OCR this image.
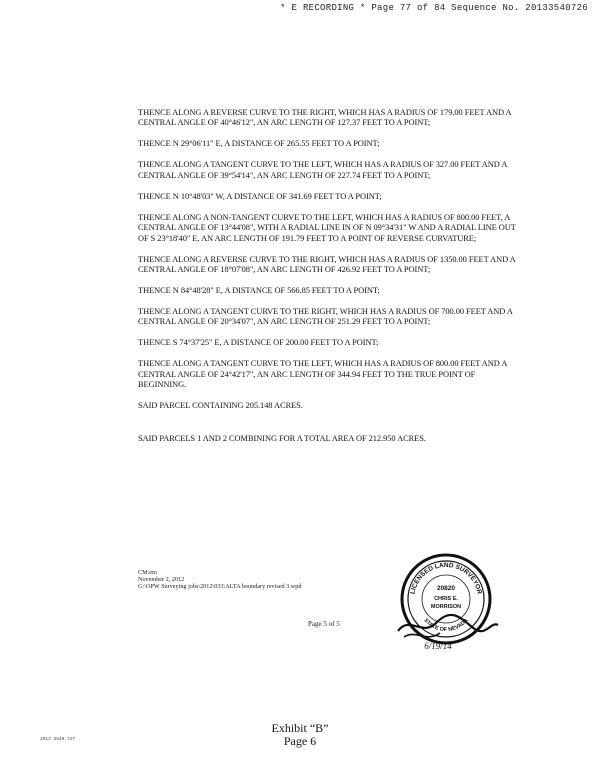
* E RECORDING * Page 77 of 84 Sequence No. 20133540726

THENCE ALONG A REVERSE CURVE TO THE RIGHT, WHICH HAS A RADIUS OF 179.00 FEET AND A CENTRAL ANGLE OF 40°46'12", AN ARC LENGTH OF 127.37 FEET TO A POINT;

THENCE N 29°06'11" E, A DISTANCE OF 265.55 FEET TO A POINT;

THENCE ALONG A TANGENT CURVE TO THE LEFT, WHICH HAS A RADIUS OF 327.00 FEET AND A CENTRAL ANGLE OF 39°54'14", AN ARC LENGTH OF 227.74 FEET TO A POINT;

THENCE N 10°48'03" W, A DISTANCE OF 341.69 FEET TO A POINT;

THENCE ALONG A NON-TANGENT CURVE TO THE LEFT, WHICH HAS A RADIUS OF 800.00 FEET, A CENTRAL ANGLE OF 13°44'08", WITH A RADIAL LINE IN OF N 09°34'31" W AND A RADIAL LINE OUT OF S 23°18'40" E, AN ARC LENGTH OF 191.79 FEET TO A POINT OF REVERSE CURVATURE;

THENCE ALONG A REVERSE CURVE TO THE RIGHT, WHICH HAS A RADIUS OF 1350.00 FEET AND A CENTRAL ANGLE OF 18°07'08", AN ARC LENGTH OF 426.92 FEET TO A POINT;

THENCE N 84°48'28" E, A DISTANCE OF 566.85 FEET TO A POINT;

THENCE ALONG A TANGENT CURVE TO THE RIGHT, WHICH HAS A RADIUS OF 700.00 FEET AND A CENTRAL ANGLE OF 20°34'07", AN ARC LENGTH OF 251.29 FEET TO A POINT;

THENCE S 74°37'25" E, A DISTANCE OF 200.00 FEET TO A POINT;

THENCE ALONG A TANGENT CURVE TO THE LEFT, WHICH HAS A RADIUS OF 800.00 FEET AND A CENTRAL ANGLE OF 24°42'17", AN ARC LENGTH OF 344.94 FEET TO THE TRUE POINT OF BEGINNING.

SAID PARCEL CONTAINING 205.148 ACRES.

SAID PARCELS 1 AND 2 COMBINING FOR A TOTAL AREA OF 212.950 ACRES.

CM:em
November 2, 2012
G:\OPW Surveying jobs\2012\033\ALTA boundary revised 3.wpd
Page 5 of 5
LICENSED LAND SURVEYOR
STATE OF NEVADA
20820
CHRIS E.
MORRISON
6/19/14
2013.3540.727
Exhibit “B”
Page 6
